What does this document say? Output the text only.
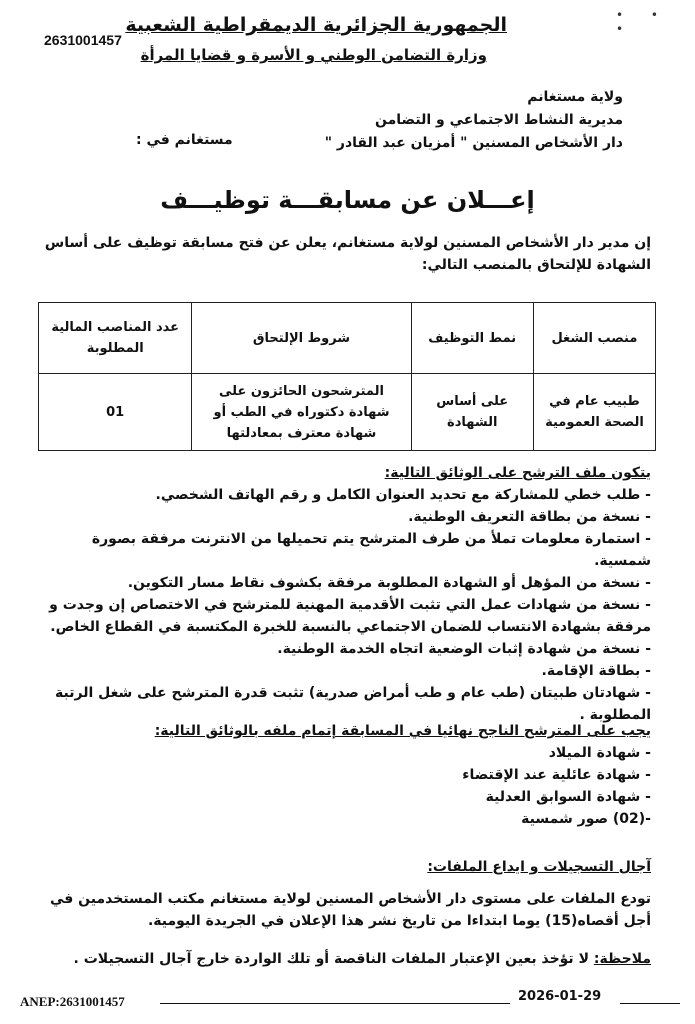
• • •
2631001457
الجمهورية الجزائرية الديمقراطية الشعبية
وزارة التضامن الوطني و الأسرة و قضايا المرأة
ولاية مستغانم
مديرية النشاط الاجتماعي و التضامن
دار الأشخاص المسنين " أمزيان عبد القادر "
مستغانم في :
إعـــلان عن مسابقـــة توظيـــف
إن مدير دار الأشخاص المسنين لولاية مستغانم، يعلن عن فتح مسابقة توظيف على أساس الشهادة للإلتحاق بالمنصب التالي:
منصب الشغل	نمط التوظيف	شروط الإلتحاق	عدد المناصب المالية المطلوبة
طبيب عام في الصحة العمومية	على أساس الشهادة	المترشحون الحائزون على شهادة دكتوراه في الطب أو شهادة معترف بمعادلتها	01
يتكون ملف الترشح على الوثائق التالية:
- طلب خطي للمشاركة مع تحديد العنوان الكامل و رقم الهاتف الشخصي.
- نسخة من بطاقة التعريف الوطنية.
- استمارة معلومات تملأ من طرف المترشح يتم تحميلها من الانترنت مرفقة بصورة شمسية.
- نسخة من المؤهل أو الشهادة المطلوبة مرفقة بكشوف نقاط مسار التكوين.
- نسخة من شهادات عمل التي تثبت الأقدمية المهنية للمترشح في الاختصاص إن وجدت و مرفقة بشهادة الانتساب للضمان الاجتماعي بالنسبة للخبرة المكتسبة في القطاع الخاص.
- نسخة من شهادة إثبات الوضعية اتجاه الخدمة الوطنية.
- بطاقة الإقامة.
- شهادتان طبيتان (طب عام و طب أمراض صدرية) تثبت قدرة المترشح على شغل الرتبة المطلوبة .
يجب على المترشح الناجح نهائيا في المسابقة إتمام ملفه بالوثائق التالية:
- شهادة الميلاد
- شهادة عائلية عند الإقتضاء
- شهادة السوابق العدلية
-(02) صور شمسية
آجال التسجيلات و ايداع الملفات:
تودع الملفات على مستوى دار الأشخاص المسنين لولاية مستغانم مكتب المستخدمين في أجل أقصاه(15) يوما ابتداءا من تاريخ نشر هذا الإعلان في الجريدة اليومية.
ملاحظة: لا تؤخذ بعين الإعتبار الملفات الناقصة أو تلك الواردة خارج آجال التسجيلات .
ANEP:2631001457	2026-01-29
